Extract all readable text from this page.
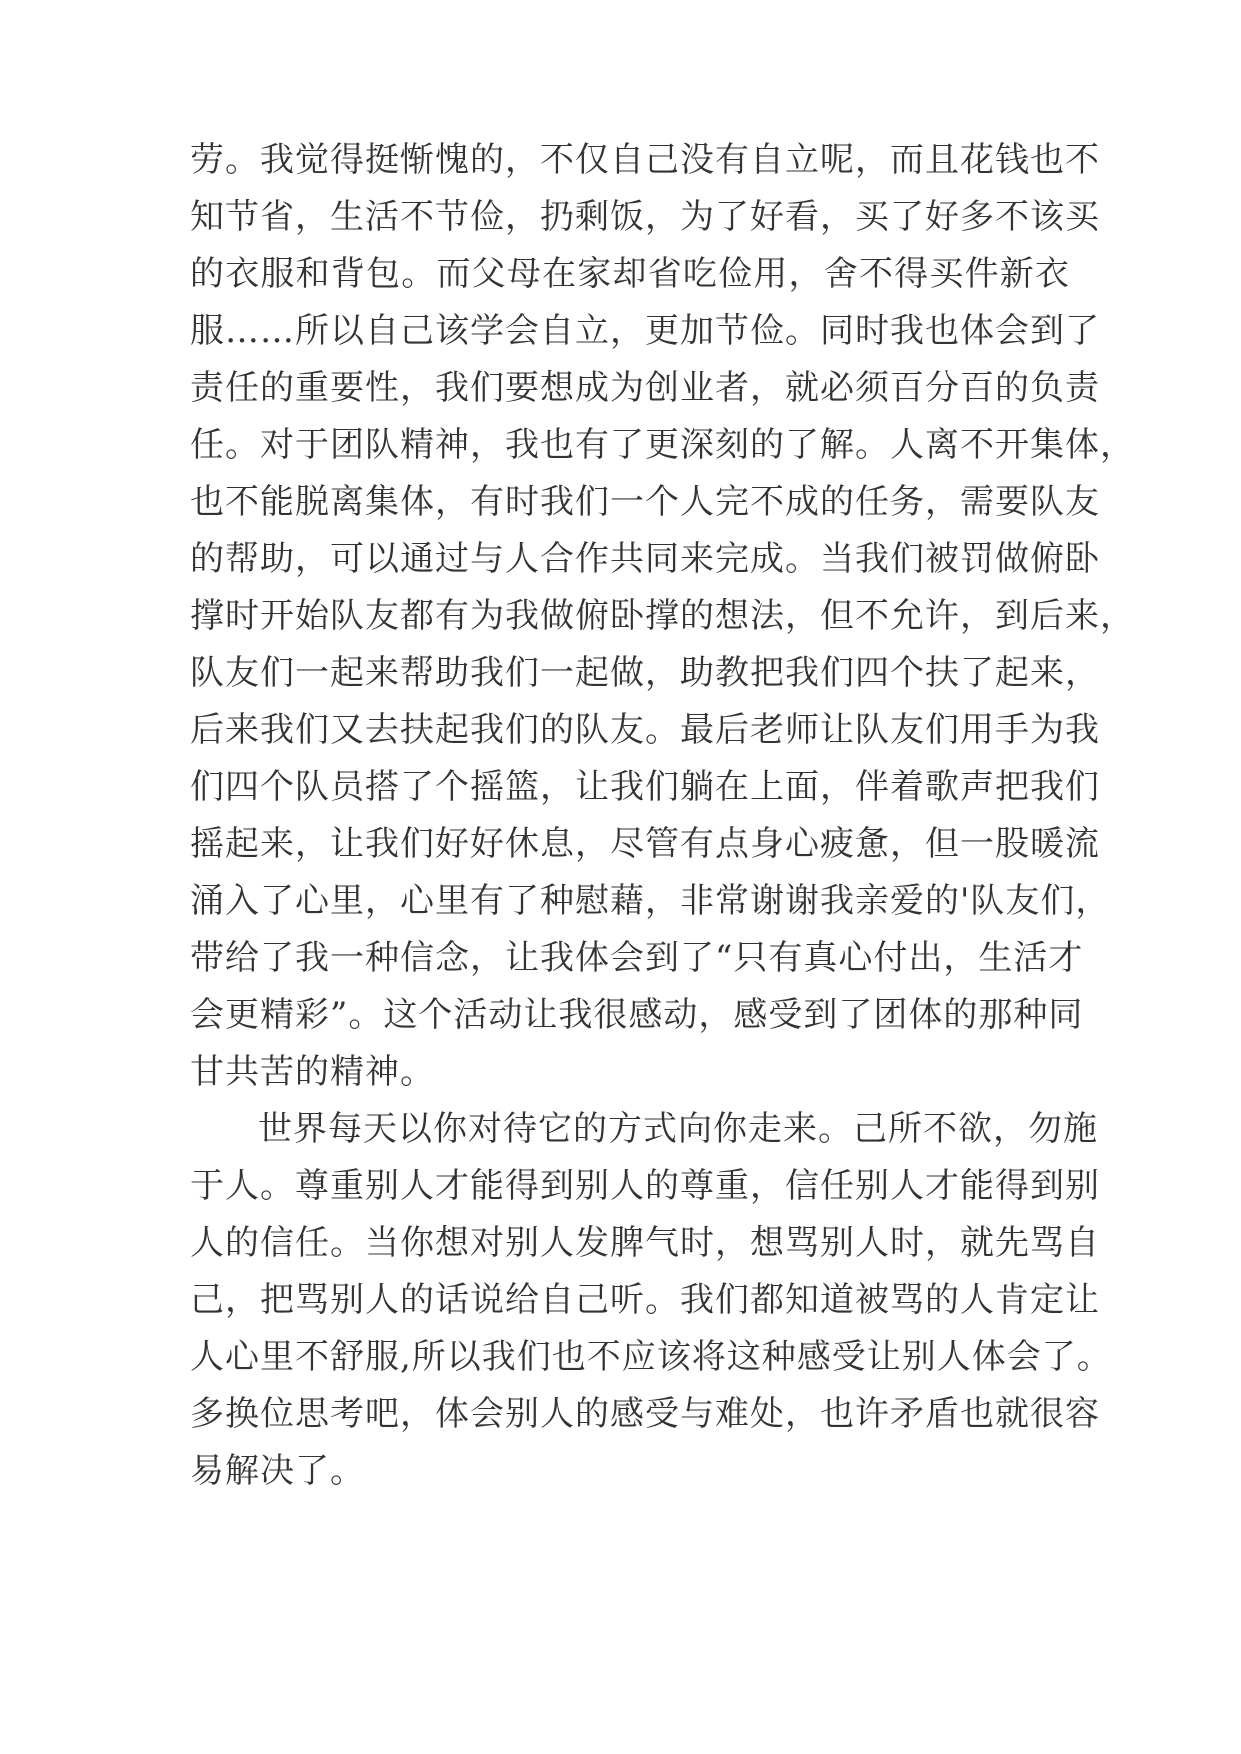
劳。我觉得挺惭愧的，不仅自己没有自立呢，而且花钱也不
知节省，生活不节俭，扔剩饭，为了好看，买了好多不该买
的衣服和背包。而父母在家却省吃俭用，舍不得买件新衣
服……所以自己该学会自立，更加节俭。同时我也体会到了
责任的重要性，我们要想成为创业者，就必须百分百的负责
任。对于团队精神，我也有了更深刻的了解。人离不开集体，
也不能脱离集体，有时我们一个人完不成的任务，需要队友
的帮助，可以通过与人合作共同来完成。当我们被罚做俯卧
撑时开始队友都有为我做俯卧撑的想法，但不允许，到后来，
队友们一起来帮助我们一起做，助教把我们四个扶了起来，
后来我们又去扶起我们的队友。最后老师让队友们用手为我
们四个队员搭了个摇篮，让我们躺在上面，伴着歌声把我们
摇起来，让我们好好休息，尽管有点身心疲惫，但一股暖流
涌入了心里，心里有了种慰藉，非常谢谢我亲爱的'队友们，
带给了我一种信念，让我体会到了“只有真心付出，生活才
会更精彩”。这个活动让我很感动，感受到了团体的那种同
甘共苦的精神。
世界每天以你对待它的方式向你走来。己所不欲，勿施
于人。尊重别人才能得到别人的尊重，信任别人才能得到别
人的信任。当你想对别人发脾气时，想骂别人时，就先骂自
己，把骂别人的话说给自己听。我们都知道被骂的人肯定让
人心里不舒服,所以我们也不应该将这种感受让别人体会了。
多换位思考吧，体会别人的感受与难处，也许矛盾也就很容
易解决了。
